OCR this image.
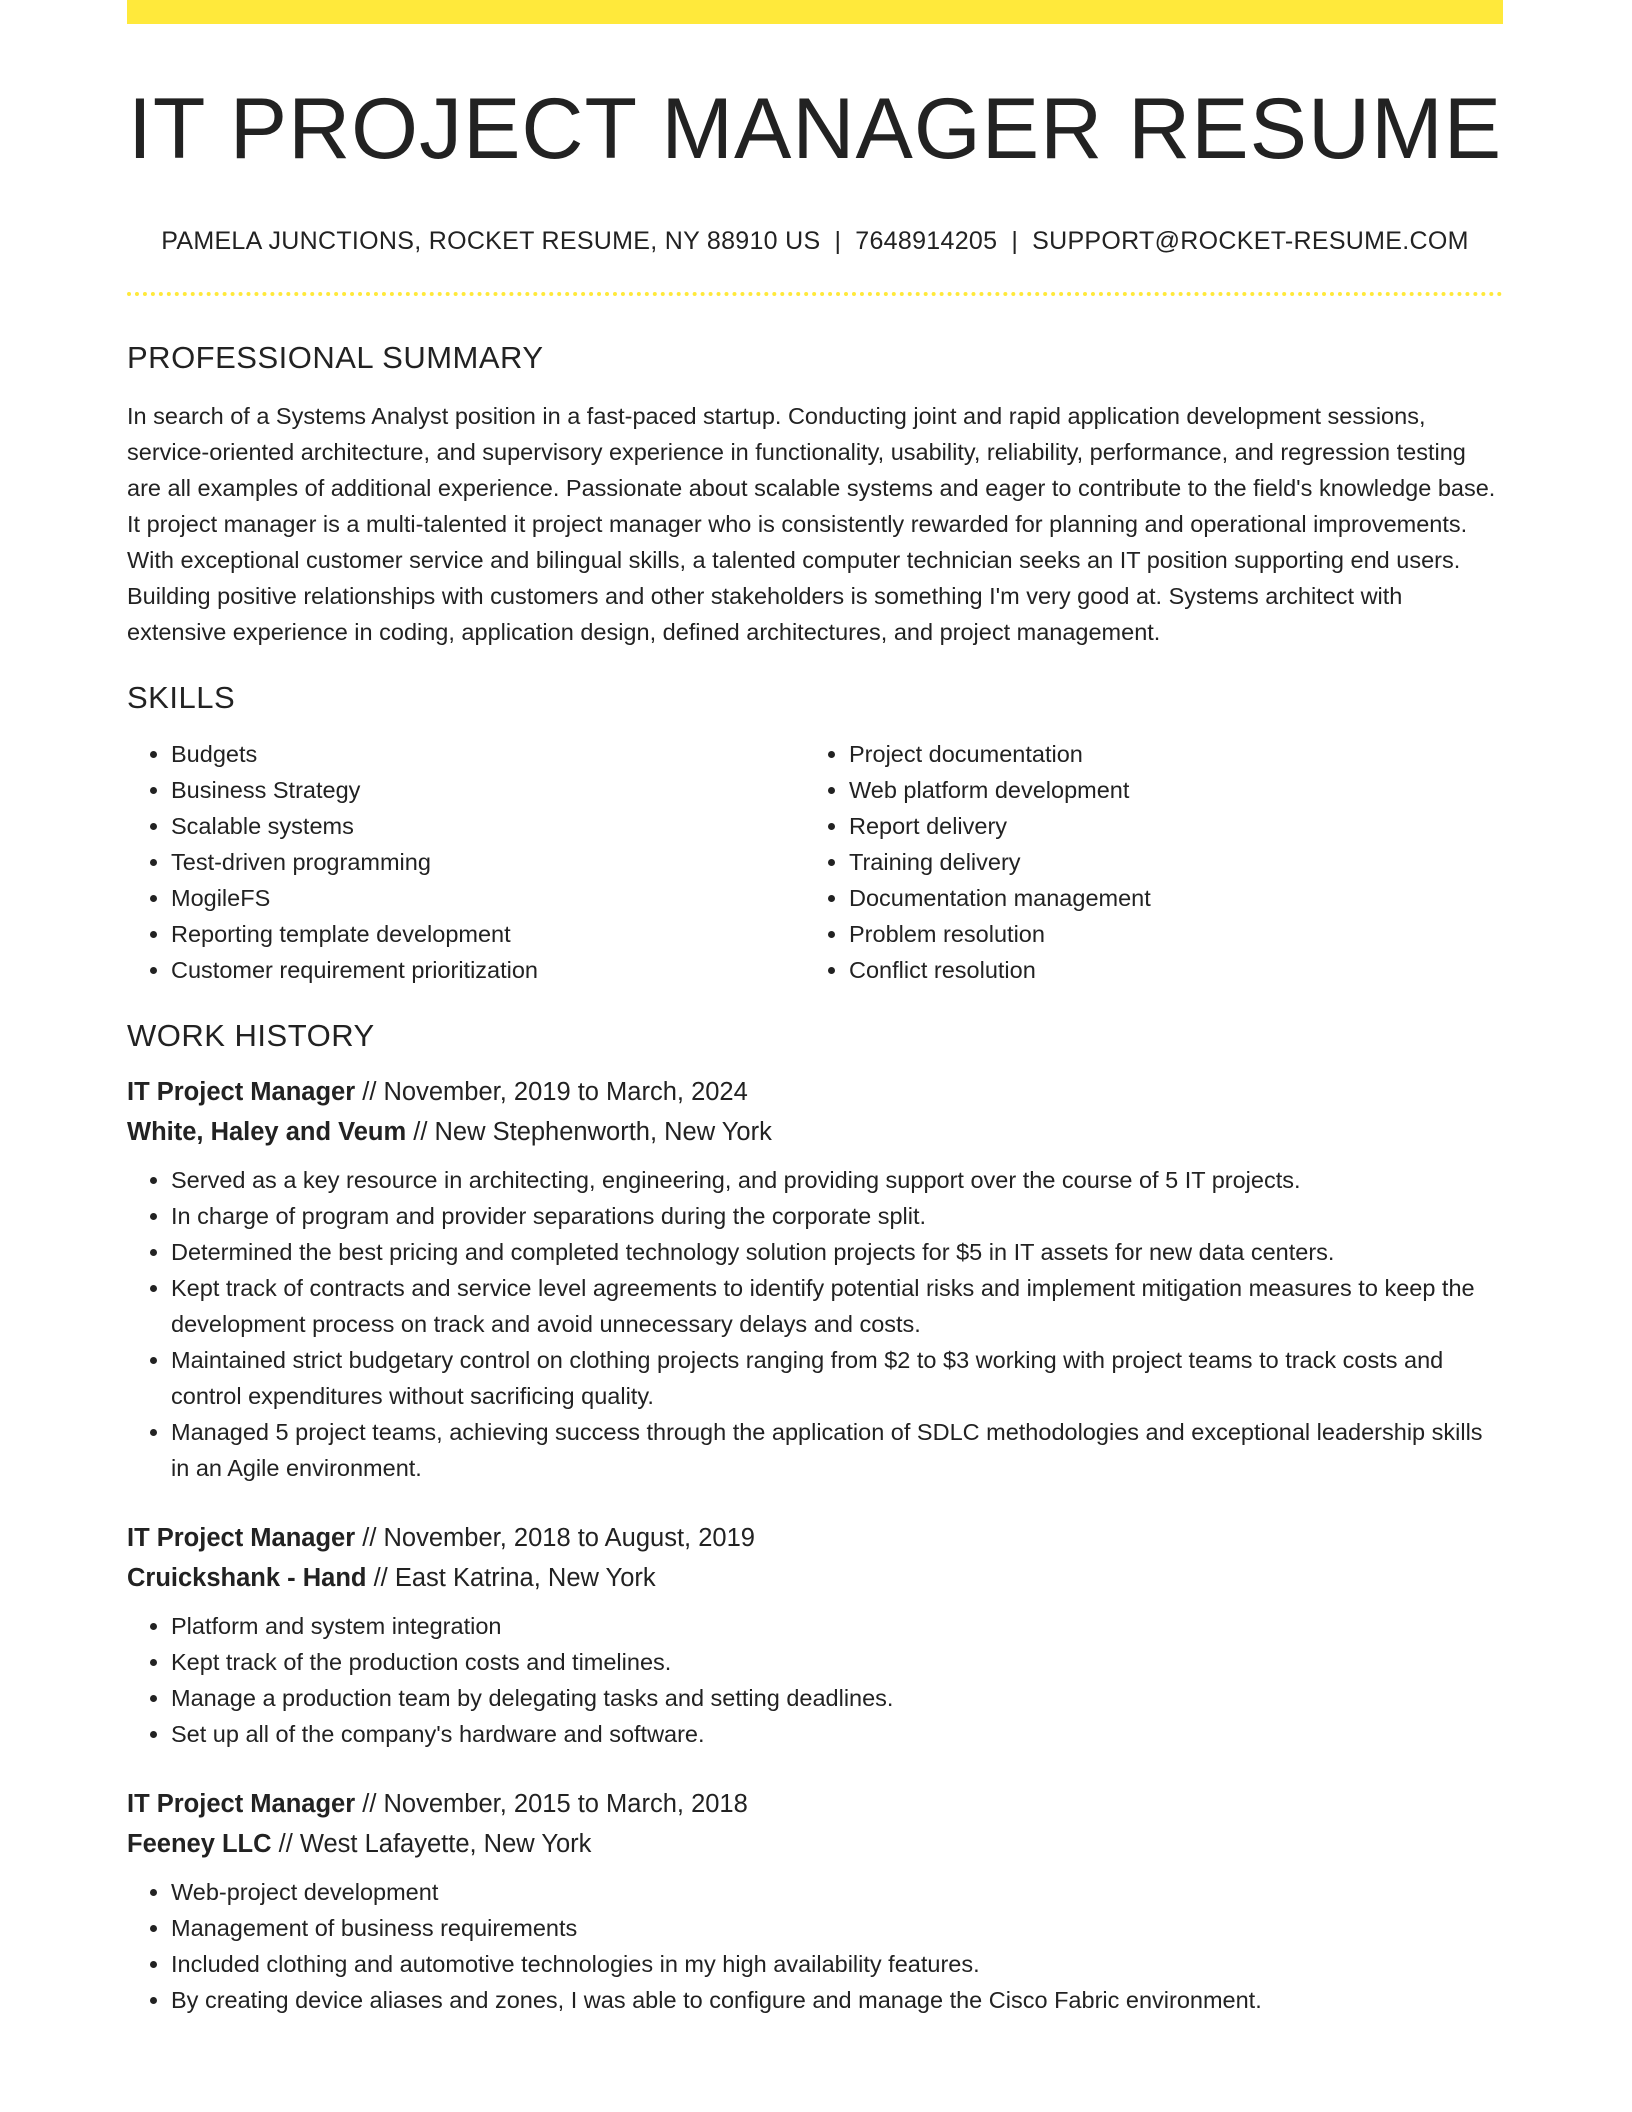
IT PROJECT MANAGER RESUME
PAMELA JUNCTIONS, ROCKET RESUME, NY 88910 US | 7648914205 | SUPPORT@ROCKET-RESUME.COM
PROFESSIONAL SUMMARY

In search of a Systems Analyst position in a fast-paced startup. Conducting joint and rapid application development sessions, service-oriented architecture, and supervisory experience in functionality, usability, reliability, performance, and regression testing are all examples of additional experience. Passionate about scalable systems and eager to contribute to the field's knowledge base. It project manager is a multi-talented it project manager who is consistently rewarded for planning and operational improvements. With exceptional customer service and bilingual skills, a talented computer technician seeks an IT position supporting end users. Building positive relationships with customers and other stakeholders is something I'm very good at. Systems architect with extensive experience in coding, application design, defined architectures, and project management.

SKILLS
• Budgets
• Business Strategy
• Scalable systems
• Test-driven programming
• MogileFS
• Reporting template development
• Customer requirement prioritization
• Project documentation
• Web platform development
• Report delivery
• Training delivery
• Documentation management
• Problem resolution
• Conflict resolution
WORK HISTORY
IT Project Manager // November, 2019 to March, 2024
White, Haley and Veum // New Stephenworth, New York
• Served as a key resource in architecting, engineering, and providing support over the course of 5 IT projects.
• In charge of program and provider separations during the corporate split.
• Determined the best pricing and completed technology solution projects for $5 in IT assets for new data centers.
• Kept track of contracts and service level agreements to identify potential risks and implement mitigation measures to keep the development process on track and avoid unnecessary delays and costs.
• Maintained strict budgetary control on clothing projects ranging from $2 to $3 working with project teams to track costs and control expenditures without sacrificing quality.
• Managed 5 project teams, achieving success through the application of SDLC methodologies and exceptional leadership skills in an Agile environment.
IT Project Manager // November, 2018 to August, 2019
Cruickshank - Hand // East Katrina, New York
• Platform and system integration
• Kept track of the production costs and timelines.
• Manage a production team by delegating tasks and setting deadlines.
• Set up all of the company's hardware and software.
IT Project Manager // November, 2015 to March, 2018
Feeney LLC // West Lafayette, New York
• Web-project development
• Management of business requirements
• Included clothing and automotive technologies in my high availability features.
• By creating device aliases and zones, I was able to configure and manage the Cisco Fabric environment.
